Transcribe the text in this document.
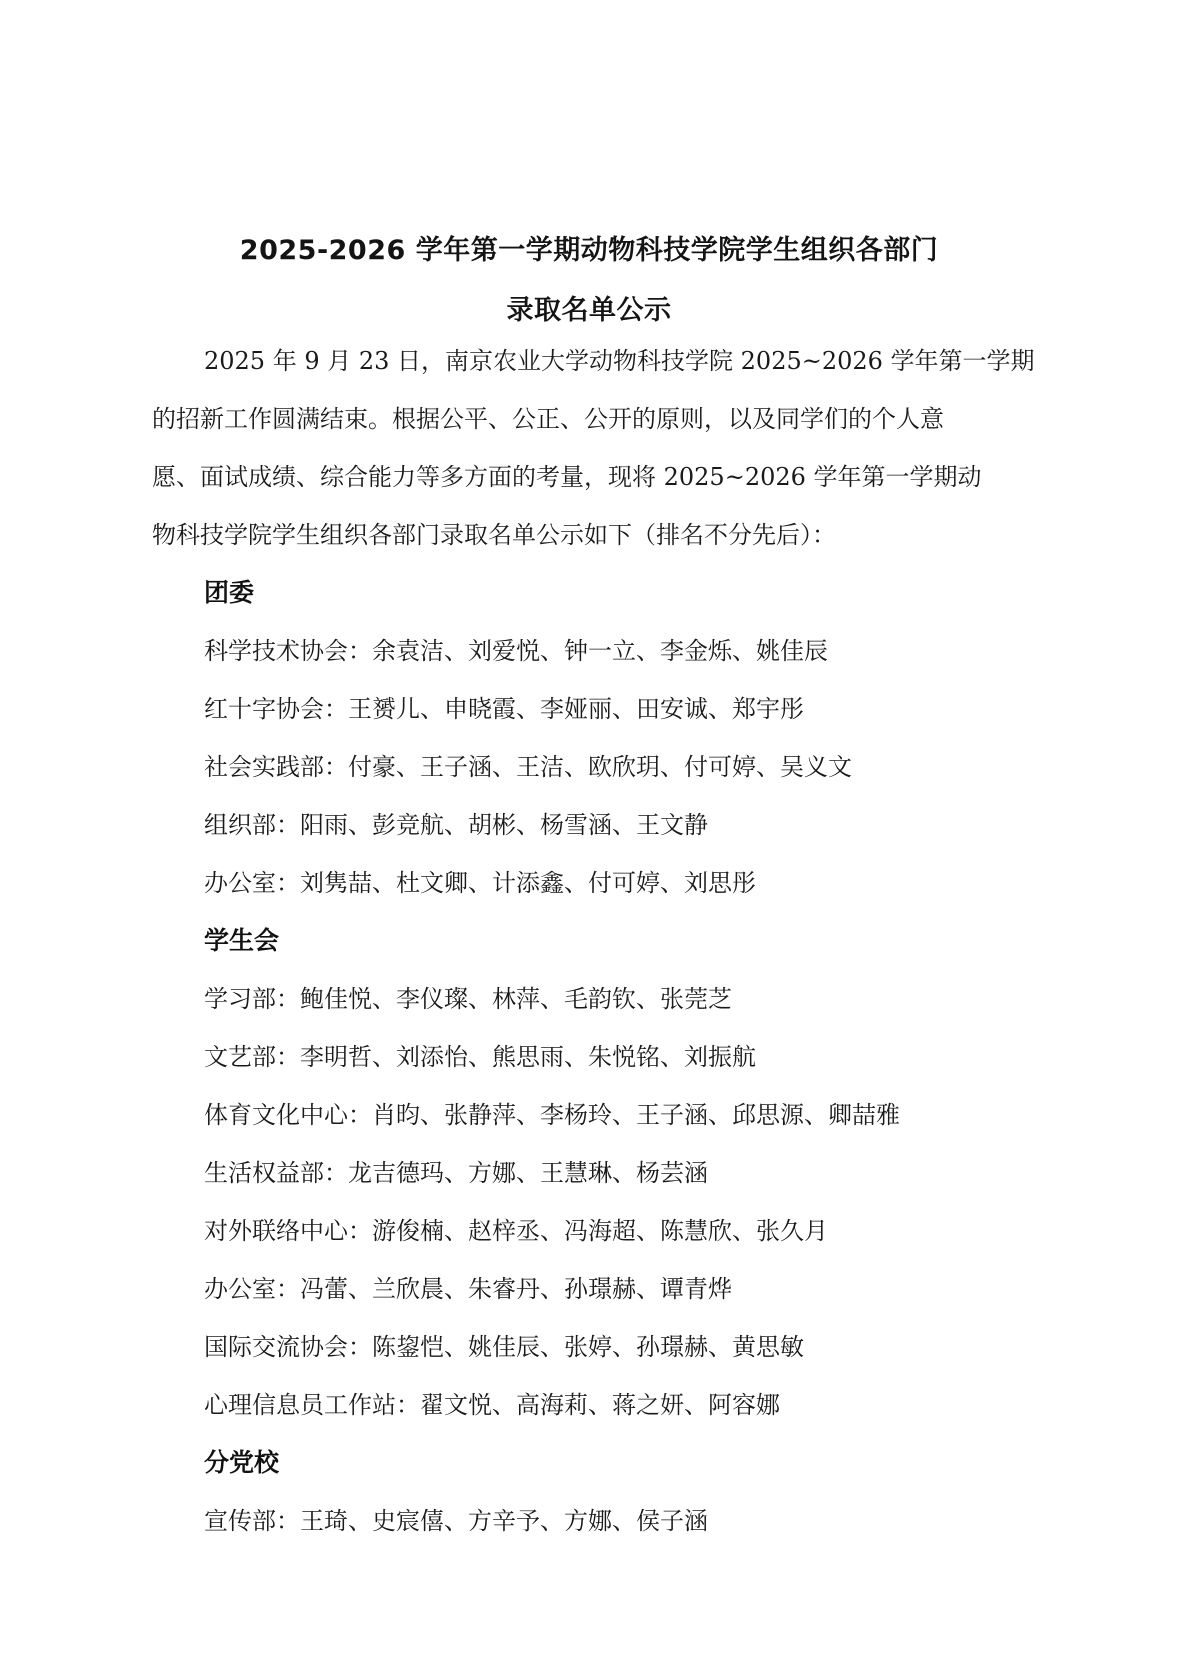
2025-2026 学年第一学期动物科技学院学生组织各部门
录取名单公示

2025 年 9 月 23 日，南京农业大学动物科技学院 2025~2026 学年第一学期

的招新工作圆满结束。根据公平、公正、公开的原则，以及同学们的个人意

愿、面试成绩、综合能力等多方面的考量，现将 2025~2026 学年第一学期动

物科技学院学生组织各部门录取名单公示如下（排名不分先后）：

团委
科学技术协会：余袁洁、刘爱悦、钟一立、李金烁、姚佳辰
红十字协会：王赟儿、申晓霞、李娅丽、田安诚、郑宇彤
社会实践部：付豪、王子涵、王洁、欧欣玥、付可婷、吴义文
组织部：阳雨、彭竞航、胡彬、杨雪涵、王文静
办公室：刘隽喆、杜文卿、计添鑫、付可婷、刘思彤
学生会
学习部：鲍佳悦、李仪璨、林萍、毛韵钦、张莞芝
文艺部：李明哲、刘添怡、熊思雨、朱悦铭、刘振航
体育文化中心：肖昀、张静萍、李杨玲、王子涵、邱思源、卿喆雅
生活权益部：龙吉德玛、方娜、王慧琳、杨芸涵
对外联络中心：游俊楠、赵梓丞、冯海超、陈慧欣、张久月
办公室：冯蕾、兰欣晨、朱睿丹、孙璟赫、谭青烨
国际交流协会：陈鋆恺、姚佳辰、张婷、孙璟赫、黄思敏
心理信息员工作站：翟文悦、高海莉、蒋之妍、阿容娜
分党校
宣传部：王琦、史宸僖、方辛予、方娜、侯子涵
